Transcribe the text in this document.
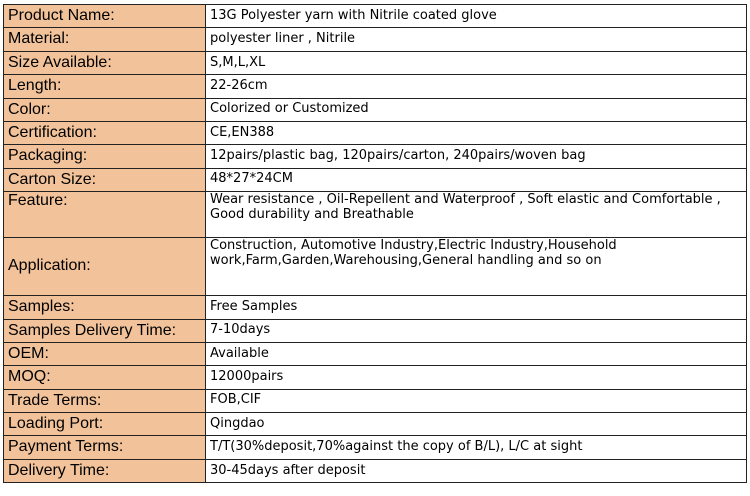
Product Name:	13G Polyester yarn with Nitrile coated glove
Material:	polyester liner , Nitrile
Size Available:	S,M,L,XL
Length:	22-26cm
Color:	Colorized or Customized
Certification:	CE,EN388
Packaging:	12pairs/plastic bag, 120pairs/carton, 240pairs/woven bag
Carton Size:	48*27*24CM
Feature:	Wear resistance , Oil-Repellent and Waterproof , Soft elastic and Comfortable , Good durability and Breathable
Application:	Construction, Automotive Industry,Electric Industry,Household work,Farm,Garden,Warehousing,General handling and so on
Samples:	Free Samples
Samples Delivery Time:	7-10days
OEM:	Available
MOQ:	12000pairs
Trade Terms:	FOB,CIF
Loading Port:	Qingdao
Payment Terms:	T/T(30%deposit,70%against the copy of B/L), L/C at sight
Delivery Time:	30-45days after deposit
